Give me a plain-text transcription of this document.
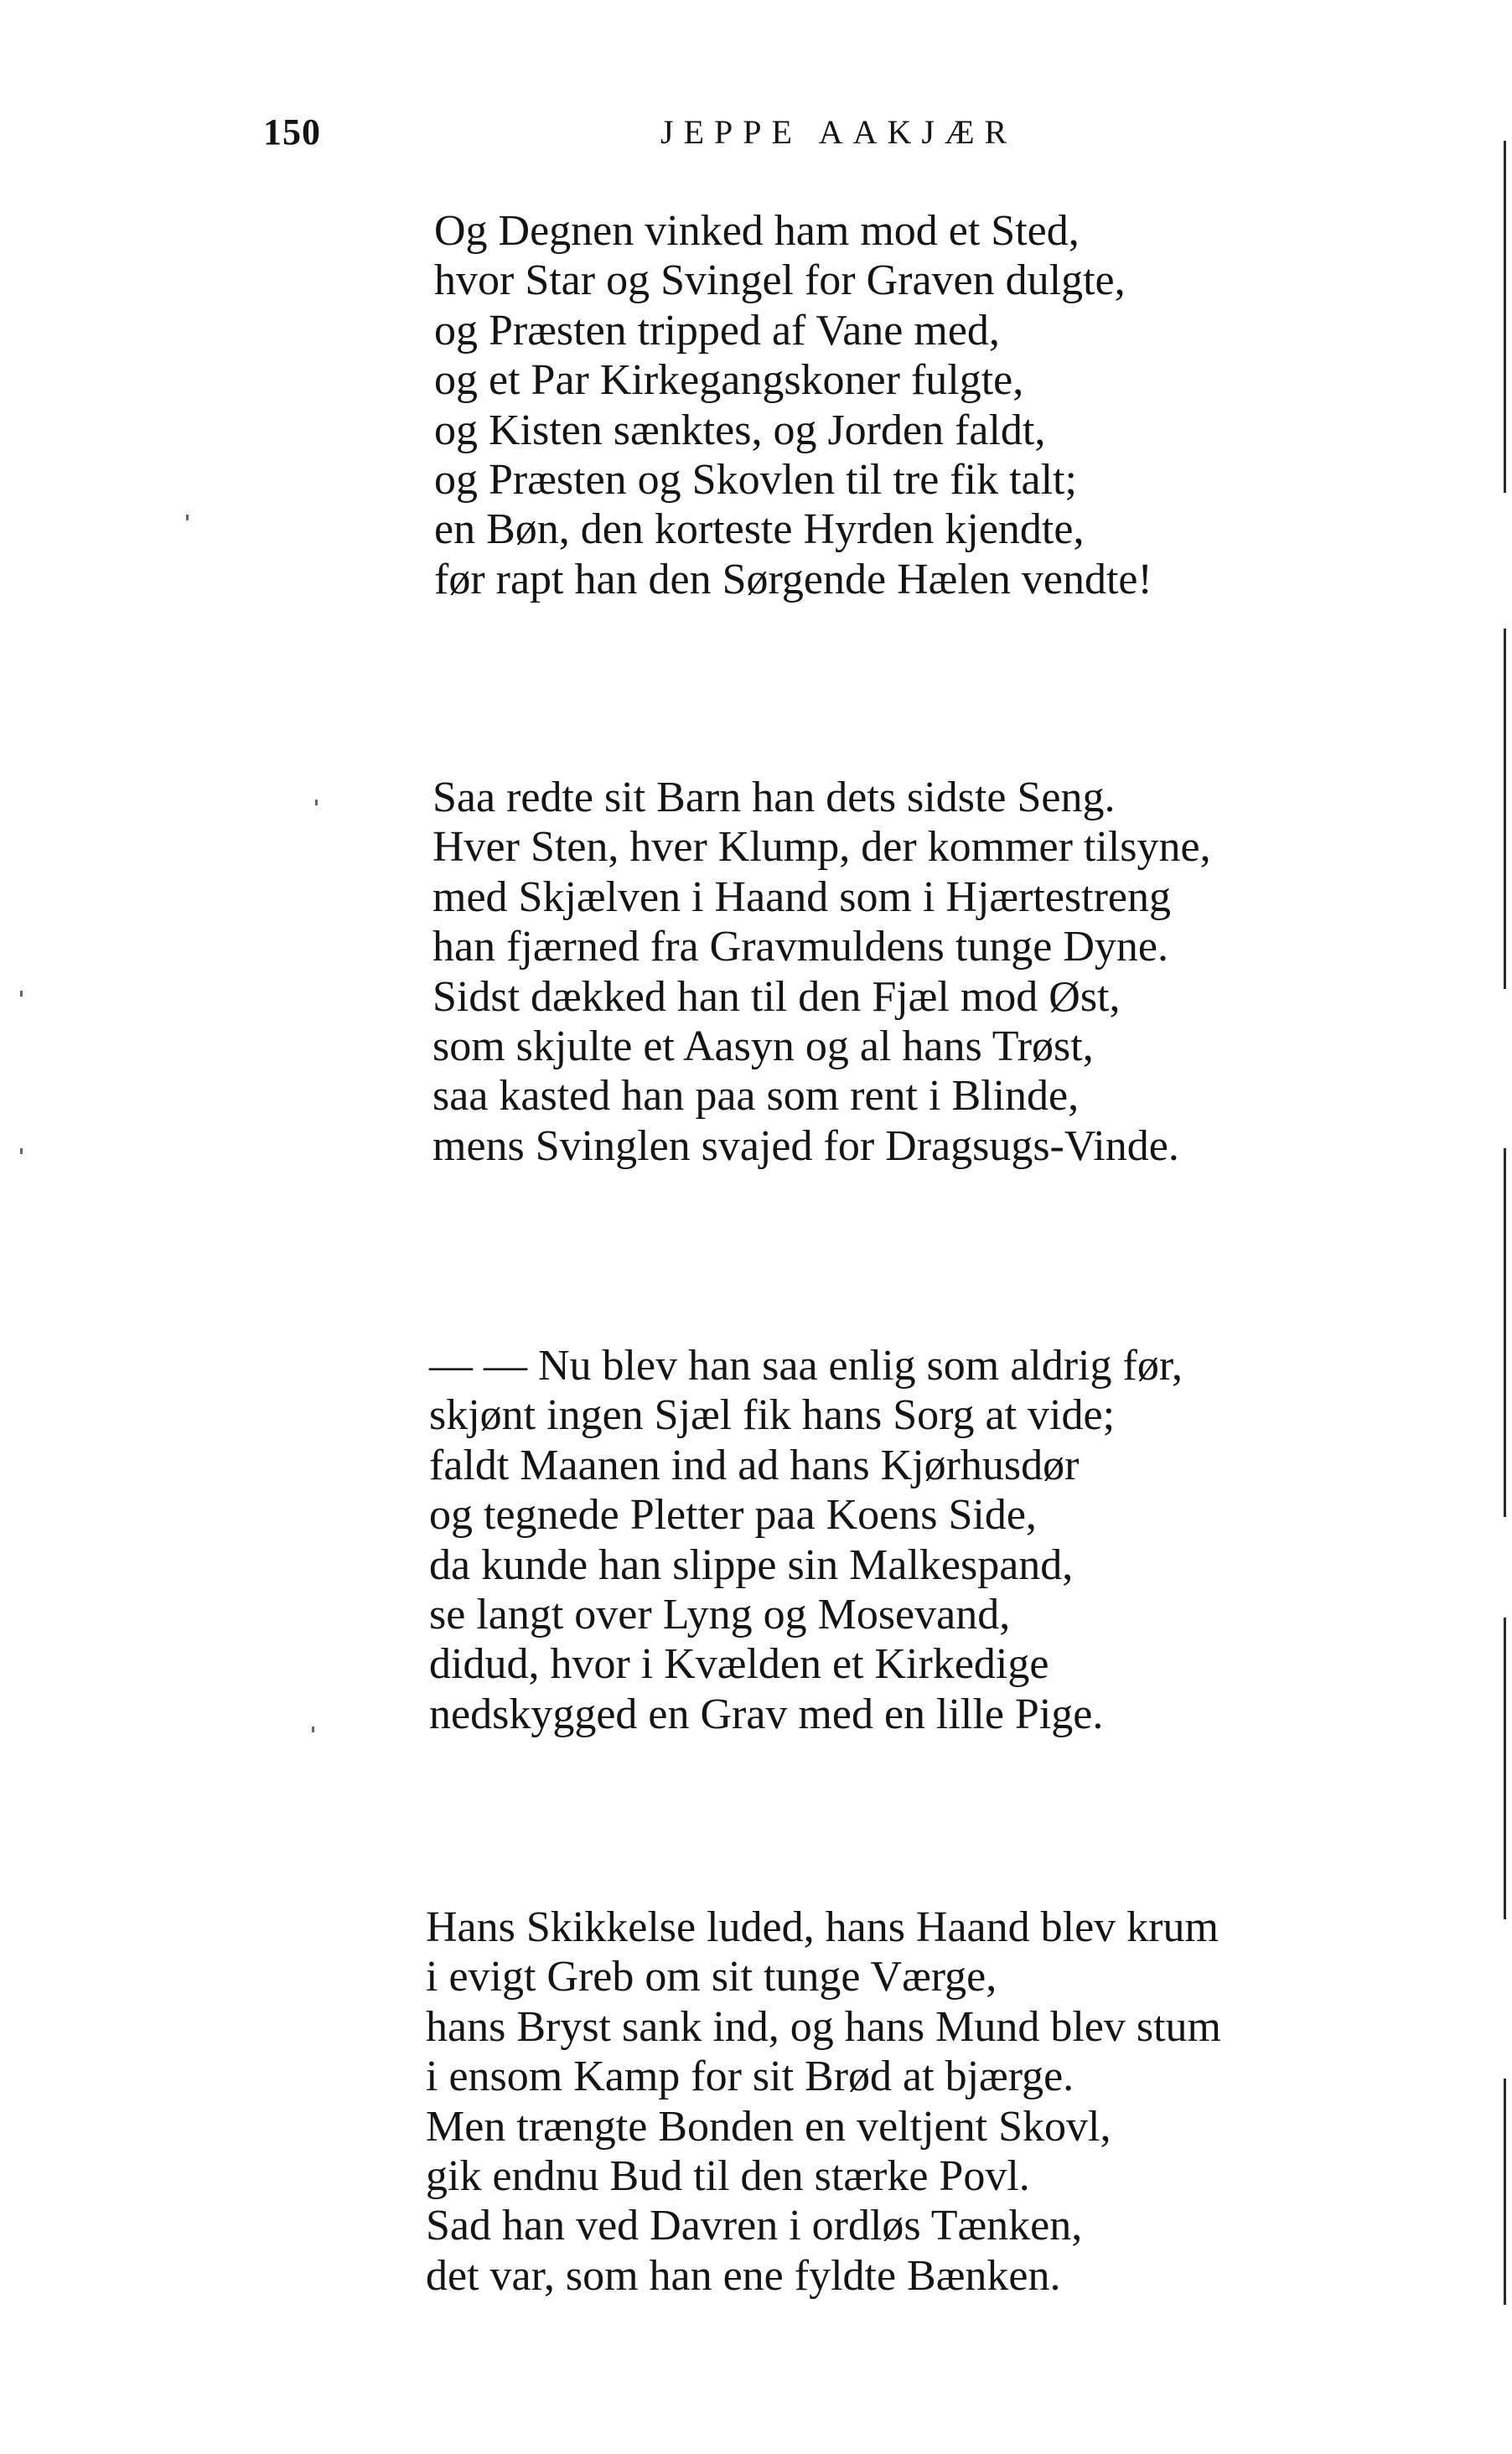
150	JEPPE AAKJÆR
Og Degnen vinked ham mod et Sted,
hvor Star og Svingel for Graven dulgte,
og Præsten tripped af Vane med,
og et Par Kirkegangskoner fulgte,
og Kisten sænktes, og Jorden faldt,
og Præsten og Skovlen til tre fik talt;
en Bøn, den korteste Hyrden kjendte,
før rapt han den Sørgende Hælen vendte!
Saa redte sit Barn han dets sidste Seng.
Hver Sten, hver Klump, der kommer tilsyne,
med Skjælven i Haand som i Hjærtestreng
han fjærned fra Gravmuldens tunge Dyne.
Sidst dækked han til den Fjæl mod Øst,
som skjulte et Aasyn og al hans Trøst,
saa kasted han paa som rent i Blinde,
mens Svinglen svajed for Dragsugs-Vinde.
— — Nu blev han saa enlig som aldrig før,
skjønt ingen Sjæl fik hans Sorg at vide;
faldt Maanen ind ad hans Kjørhusdør
og tegnede Pletter paa Koens Side,
da kunde han slippe sin Malkespand,
se langt over Lyng og Mosevand,
didud, hvor i Kvælden et Kirkedige
nedskygged en Grav med en lille Pige.
Hans Skikkelse luded, hans Haand blev krum
i evigt Greb om sit tunge Værge,
hans Bryst sank ind, og hans Mund blev stum
i ensom Kamp for sit Brød at bjærge.
Men trængte Bonden en veltjent Skovl,
gik endnu Bud til den stærke Povl.
Sad han ved Davren i ordløs Tænken,
det var, som han ene fyldte Bænken.
